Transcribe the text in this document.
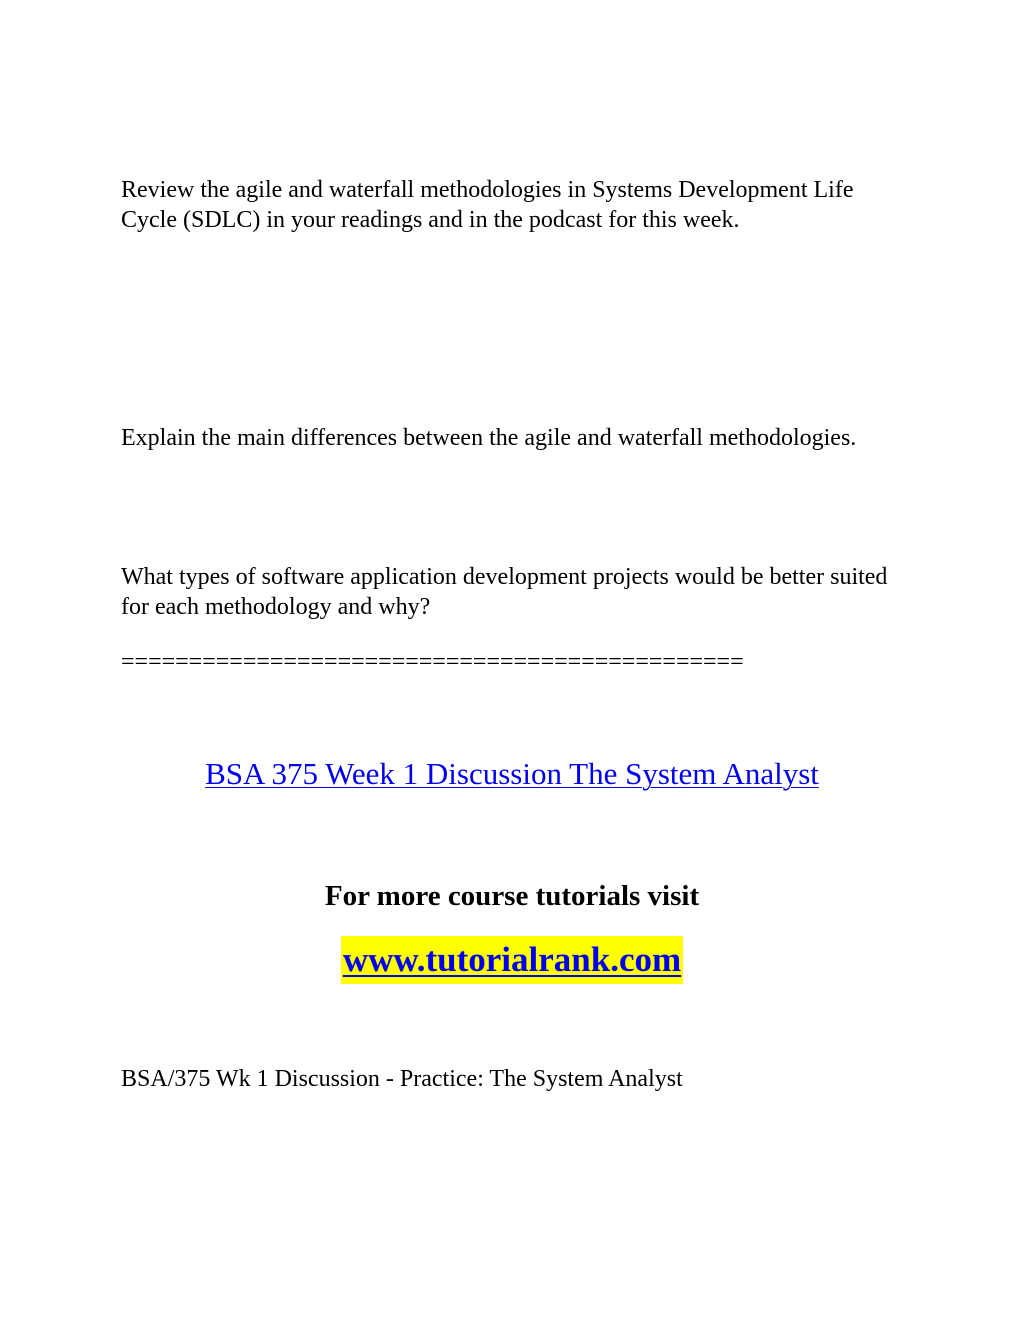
Review the agile and waterfall methodologies in Systems Development Life Cycle (SDLC) in your readings and in the podcast for this week.

Explain the main differences between the agile and waterfall methodologies.

What types of software application development projects would be better suited for each methodology and why?

==============================================

BSA 375 Week 1 Discussion The System Analyst

For more course tutorials visit

www.tutorialrank.com

BSA/375 Wk 1 Discussion - Practice: The System Analyst
